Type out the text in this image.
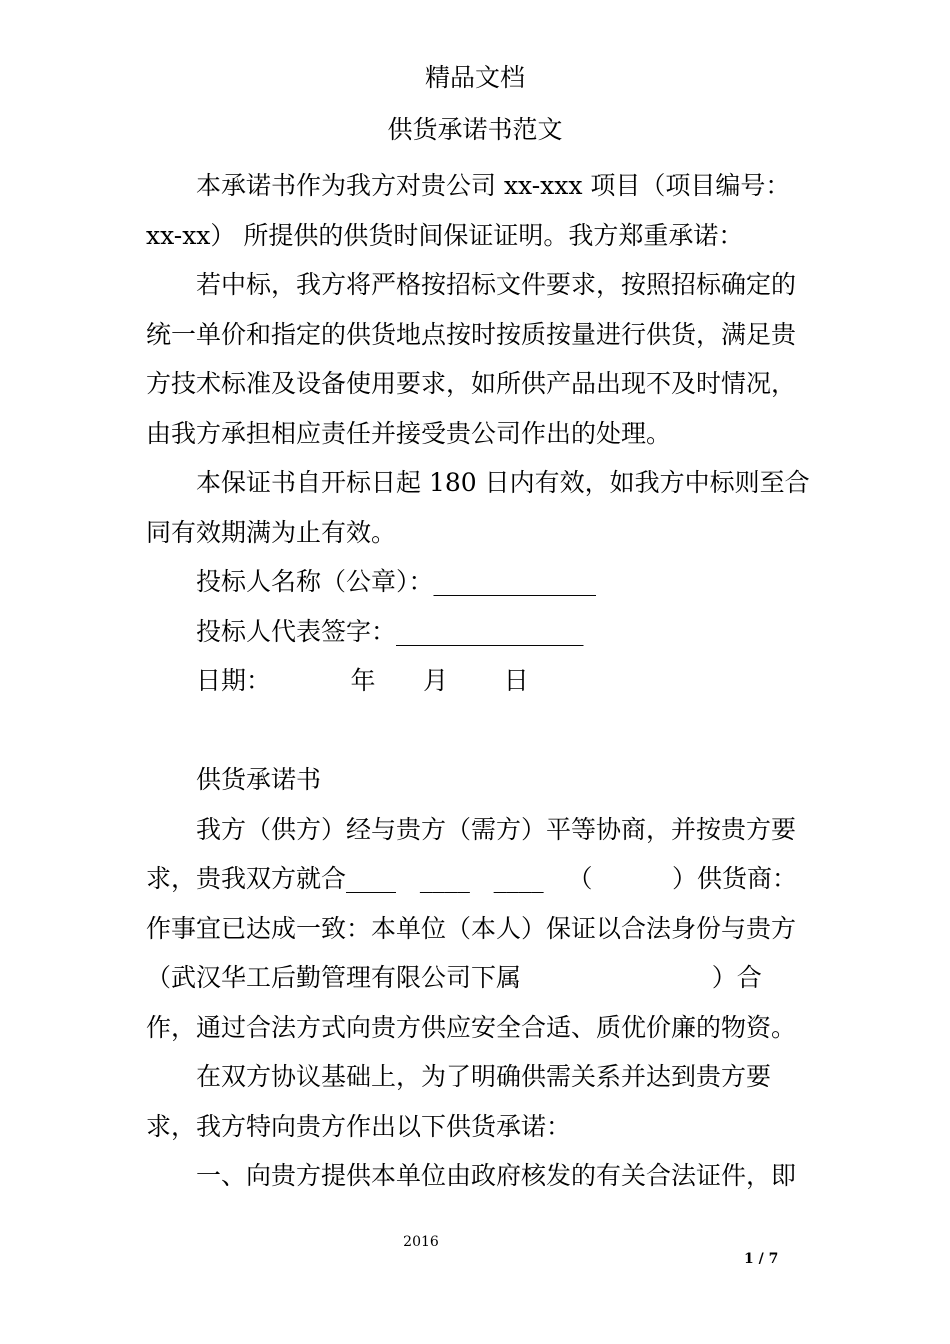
精品文档
供货承诺书范文
本承诺书作为我方对贵公司 xx-xxx 项目（项目编号：
xx-xx） 所提供的供货时间保证证明。我方郑重承诺：
若中标，我方将严格按招标文件要求，按照招标确定的
统一单价和指定的供货地点按时按质按量进行供货，满足贵
方技术标准及设备使用要求，如所供产品出现不及时情况，
由我方承担相应责任并接受贵公司作出的处理。
本保证书自开标日起 180 日内有效，如我方中标则至合
同有效期满为止有效。
投标人名称（公章）：_____________
投标人代表签字：_______________
日期：          年      月       日
供货承诺书
我方（供方）经与贵方（需方）平等协商，并按贵方要
求，贵我双方就合____   ____   ____   （          ）供货商：
作事宜已达成一致：本单位（本人）保证以合法身份与贵方
（武汉华工后勤管理有限公司下属                        ）合
作，通过合法方式向贵方供应安全合适、质优价廉的物资。
在双方协议基础上，为了明确供需关系并达到贵方要
求，我方特向贵方作出以下供货承诺：
一、向贵方提供本单位由政府核发的有关合法证件，即
2016
1 / 7
